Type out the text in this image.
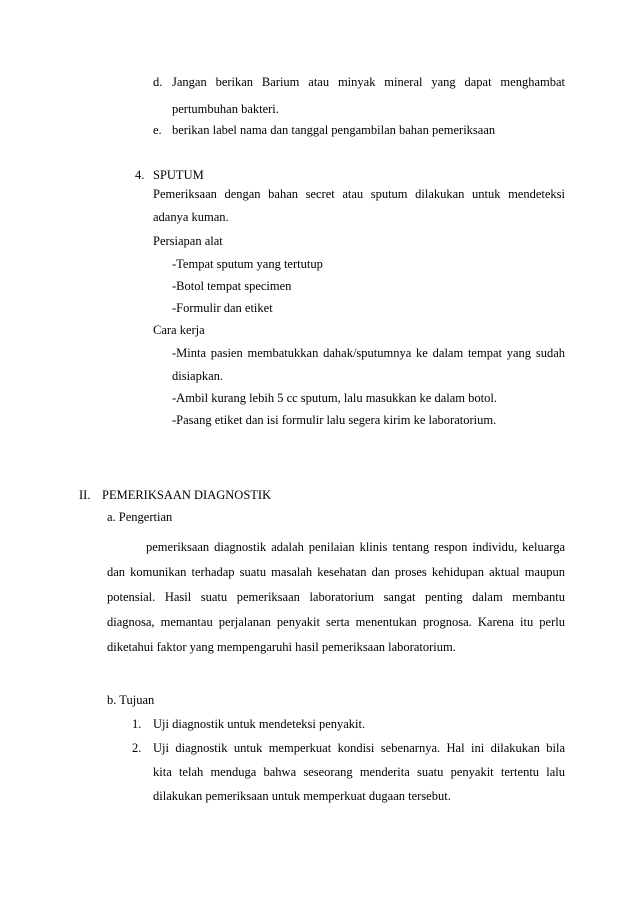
d. Jangan berikan Barium atau minyak mineral yang dapat menghambat
pertumbuhan bakteri.
e. berikan label nama dan tanggal pengambilan bahan pemeriksaan
4. SPUTUM
Pemeriksaan dengan bahan secret atau sputum dilakukan untuk mendeteksi
adanya kuman.
Persiapan alat
-Tempat sputum yang tertutup
-Botol tempat specimen
-Formulir dan etiket
Cara kerja
-Minta pasien membatukkan dahak/sputumnya ke dalam tempat yang sudah
disiapkan.
-Ambil kurang lebih 5 cc sputum, lalu masukkan ke dalam botol.
-Pasang etiket dan isi formulir lalu segera kirim ke laboratorium.
II. PEMERIKSAAN DIAGNOSTIK
a. Pengertian
pemeriksaan diagnostik adalah penilaian klinis tentang respon individu, keluarga
dan komunikan terhadap suatu masalah kesehatan dan proses kehidupan aktual maupun
potensial. Hasil suatu pemeriksaan laboratorium sangat penting dalam membantu
diagnosa, memantau perjalanan penyakit serta menentukan prognosa. Karena itu perlu
diketahui faktor yang mempengaruhi hasil pemeriksaan laboratorium.
b. Tujuan
1. Uji diagnostik untuk mendeteksi penyakit.
2. Uji diagnostik untuk memperkuat kondisi sebenarnya. Hal ini dilakukan bila
kita telah menduga bahwa seseorang menderita suatu penyakit tertentu lalu
dilakukan pemeriksaan untuk memperkuat dugaan tersebut.
